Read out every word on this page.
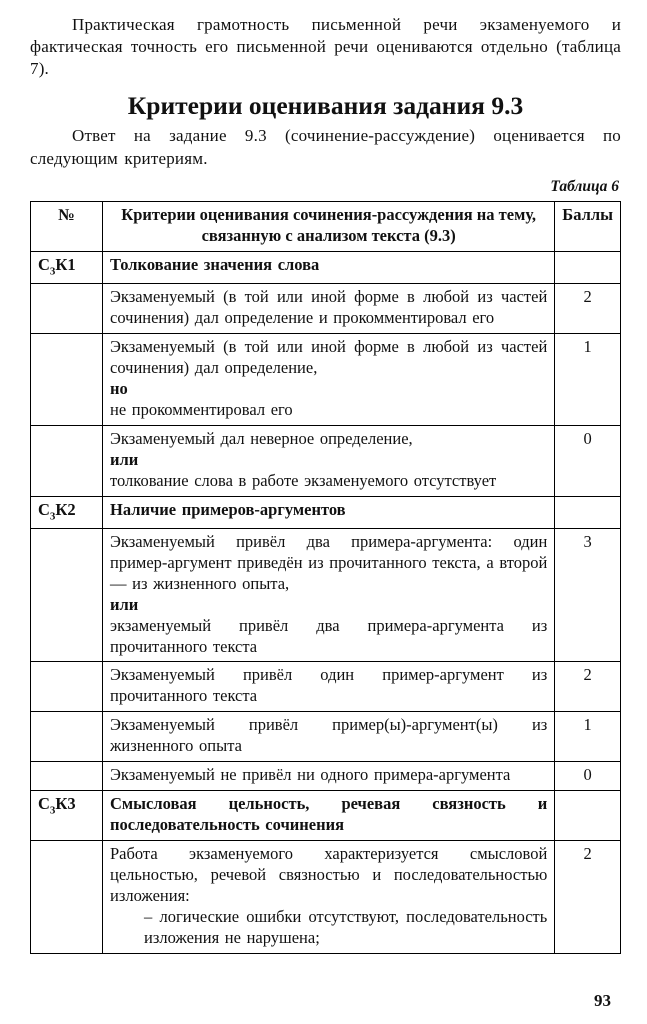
Практическая грамотность письменной речи экзаменуемого и фактическая точность его письменной речи оцениваются отдельно (таблица 7).

Критерии оценивания задания 9.3

Ответ на задание 9.3 (сочинение-рассуждение) оценивается по следующим критериям.

Таблица 6
№	Критерии оценивания сочинения-рассуждения на тему, связанную с анализом текста (9.3)	Баллы
$С_3К1$	Толкование значения слова	

	Экзаменуемый (в той или иной форме в любой из частей сочинения) дал определение и прокомментировал его	2

	Экзаменуемый (в той или иной форме в любой из частей сочинения) дал определение,
но
не прокомментировал его	1

	Экзаменуемый дал неверное определение,
или
толкование слова в работе экзаменуемого отсутствует	0
$С_3К2$	Наличие примеров-аргументов	

	Экзаменуемый привёл два примера-аргумента: один пример-аргумент приведён из прочитанного текста, а второй — из жизненного опыта,
или
экзаменуемый привёл два примера-аргумента из прочитанного текста	3

	Экзаменуемый привёл один пример-аргумент из прочитанного текста	2

	Экзаменуемый привёл пример(ы)-аргумент(ы) из жизненного опыта	1

	Экзаменуемый не привёл ни одного примера-аргумента	0
$С_3К3$	Смысловая цельность, речевая связность и последовательность сочинения	

	Работа экзаменуемого характеризуется смысловой цельностью, речевой связностью и последовательностью изложения:
– логические ошибки отсутствуют, последовательность изложения не нарушена;	2
93
